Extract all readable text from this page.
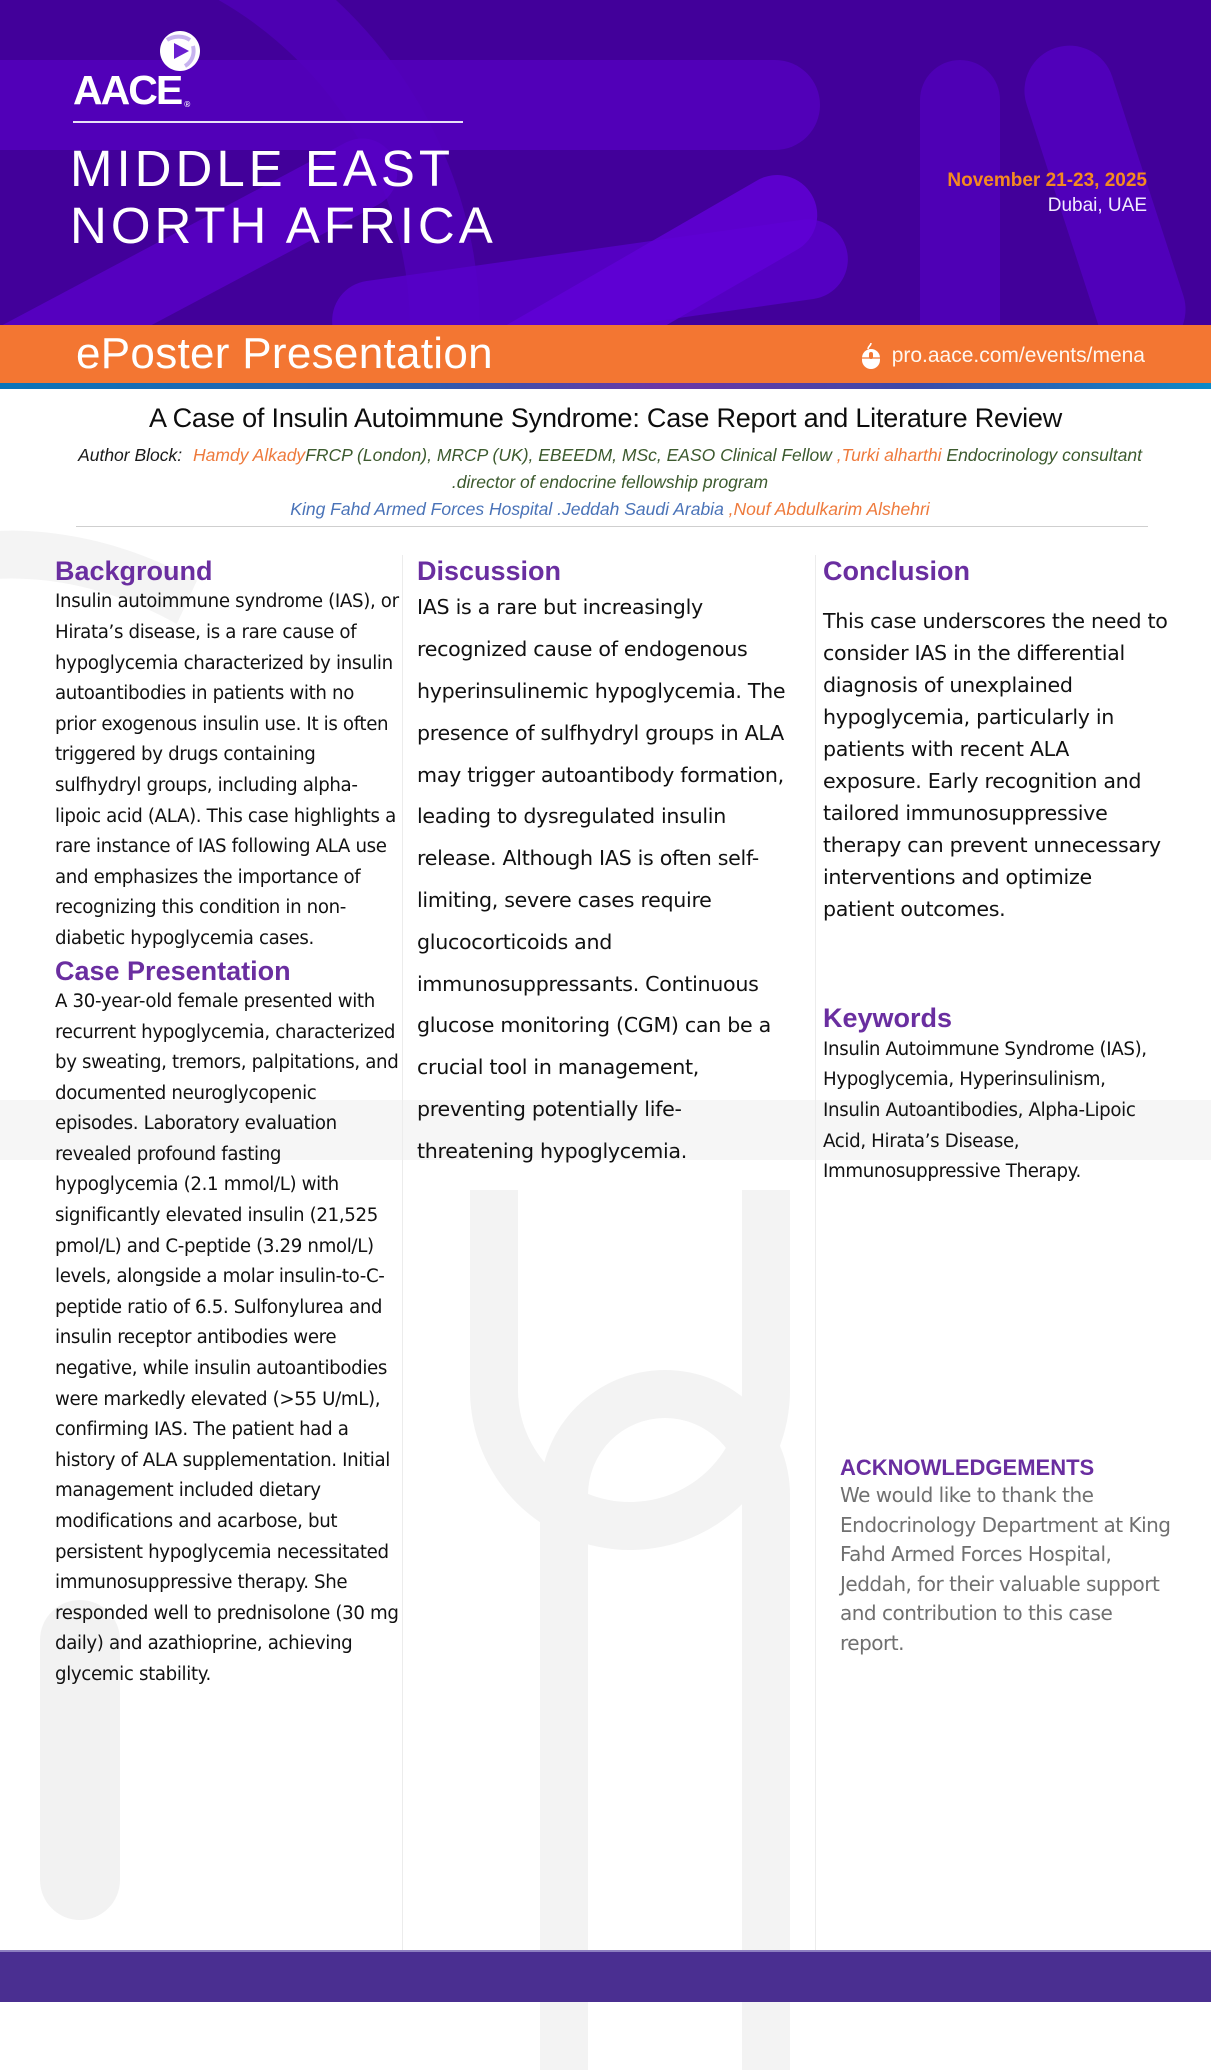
AACE ®
MIDDLE EAST
NORTH AFRICA
November 21-23, 2025
Dubai, UAE
ePoster Presentation	pro.aace.com/events/mena
A Case of Insulin Autoimmune Syndrome: Case Report and Literature Review
Author Block: Hamdy AlkadyFRCP (London), MRCP (UK), EBEEDM, MSc, EASO Clinical Fellow ,Turki alharthi Endocrinology consultant .director of endocrine fellowship program
King Fahd Armed Forces Hospital .Jeddah Saudi Arabia ,Nouf Abdulkarim Alshehri
Background

Insulin autoimmune syndrome (IAS), or Hirata’s disease, is a rare cause of hypoglycemia characterized by insulin autoantibodies in patients with no prior exogenous insulin use. It is often triggered by drugs containing sulfhydryl groups, including alpha-lipoic acid (ALA). This case highlights a rare instance of IAS following ALA use and emphasizes the importance of recognizing this condition in non-diabetic hypoglycemia cases.

Case Presentation

A 30-year-old female presented with recurrent hypoglycemia, characterized by sweating, tremors, palpitations, and documented neuroglycopenic episodes. Laboratory evaluation revealed profound fasting hypoglycemia (2.1 mmol/L) with significantly elevated insulin (21,525 pmol/L) and C-peptide (3.29 nmol/L) levels, alongside a molar insulin-to-C-peptide ratio of 6.5. Sulfonylurea and insulin receptor antibodies were negative, while insulin autoantibodies were markedly elevated (>55 U/mL), confirming IAS. The patient had a history of ALA supplementation. Initial management included dietary modifications and acarbose, but persistent hypoglycemia necessitated immunosuppressive therapy. She responded well to prednisolone (30 mg daily) and azathioprine, achieving glycemic stability.

Discussion

IAS is a rare but increasingly recognized cause of endogenous hyperinsulinemic hypoglycemia. The presence of sulfhydryl groups in ALA may trigger autoantibody formation, leading to dysregulated insulin release. Although IAS is often self-limiting, severe cases require glucocorticoids and immunosuppressants. Continuous glucose monitoring (CGM) can be a crucial tool in management, preventing potentially life-threatening hypoglycemia.

Conclusion

This case underscores the need to consider IAS in the differential diagnosis of unexplained hypoglycemia, particularly in patients with recent ALA exposure. Early recognition and tailored immunosuppressive therapy can prevent unnecessary interventions and optimize patient outcomes.

Keywords

Insulin Autoimmune Syndrome (IAS), Hypoglycemia, Hyperinsulinism, Insulin Autoantibodies, Alpha-Lipoic Acid, Hirata’s Disease, Immunosuppressive Therapy.

ACKNOWLEDGEMENTS

We would like to thank the Endocrinology Department at King Fahd Armed Forces Hospital, Jeddah, for their valuable support and contribution to this case report.
